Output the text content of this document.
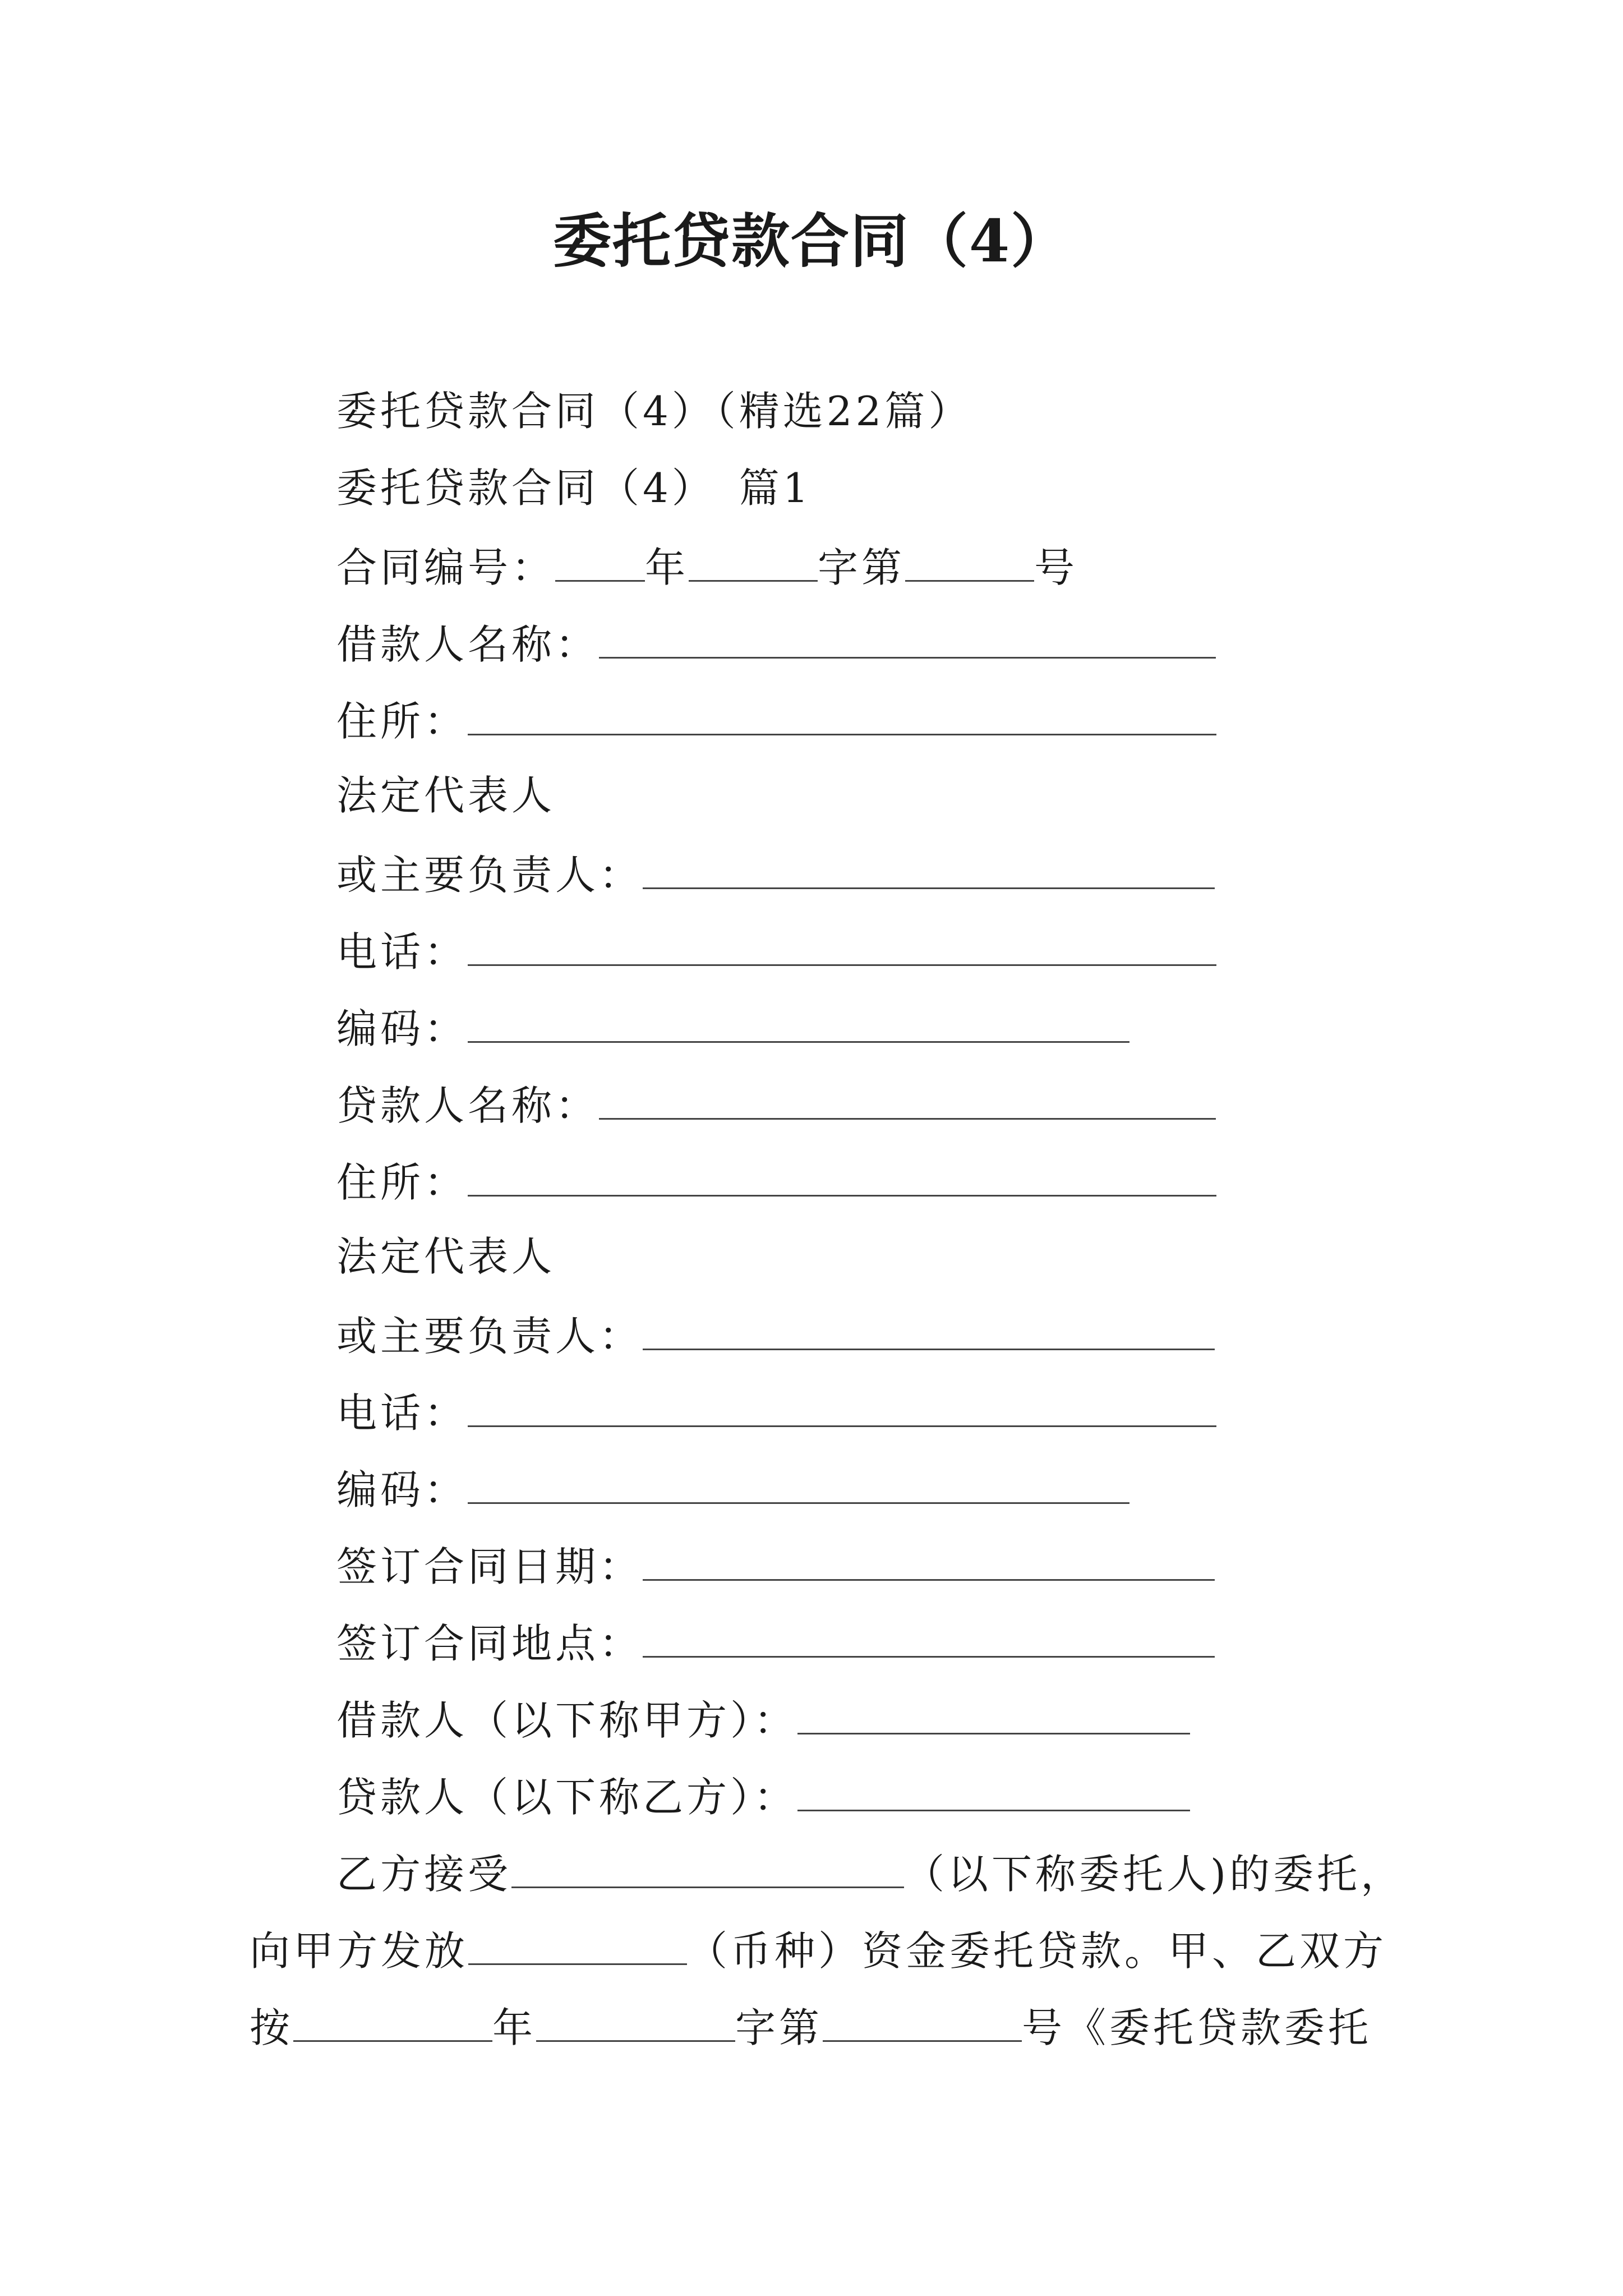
委托贷款合同（4）
委托贷款合同（4）（精选22篇）
委托贷款合同（4）　篇1
合同编号： 年	字第	号
借款人名称：
住所：
法定代表人
或主要负责人：
电话：
编码：
贷款人名称：
住所：
法定代表人
或主要负责人：
电话：
编码：
签订合同日期：
签订合同地点：
借款人（以下称甲方）：
贷款人（以下称乙方）：
乙方接受	（以下称委托人)的委托，
向甲方发放	（币种）资金委托贷款。甲、乙双方
按	年	字第	号《委托贷款委托
